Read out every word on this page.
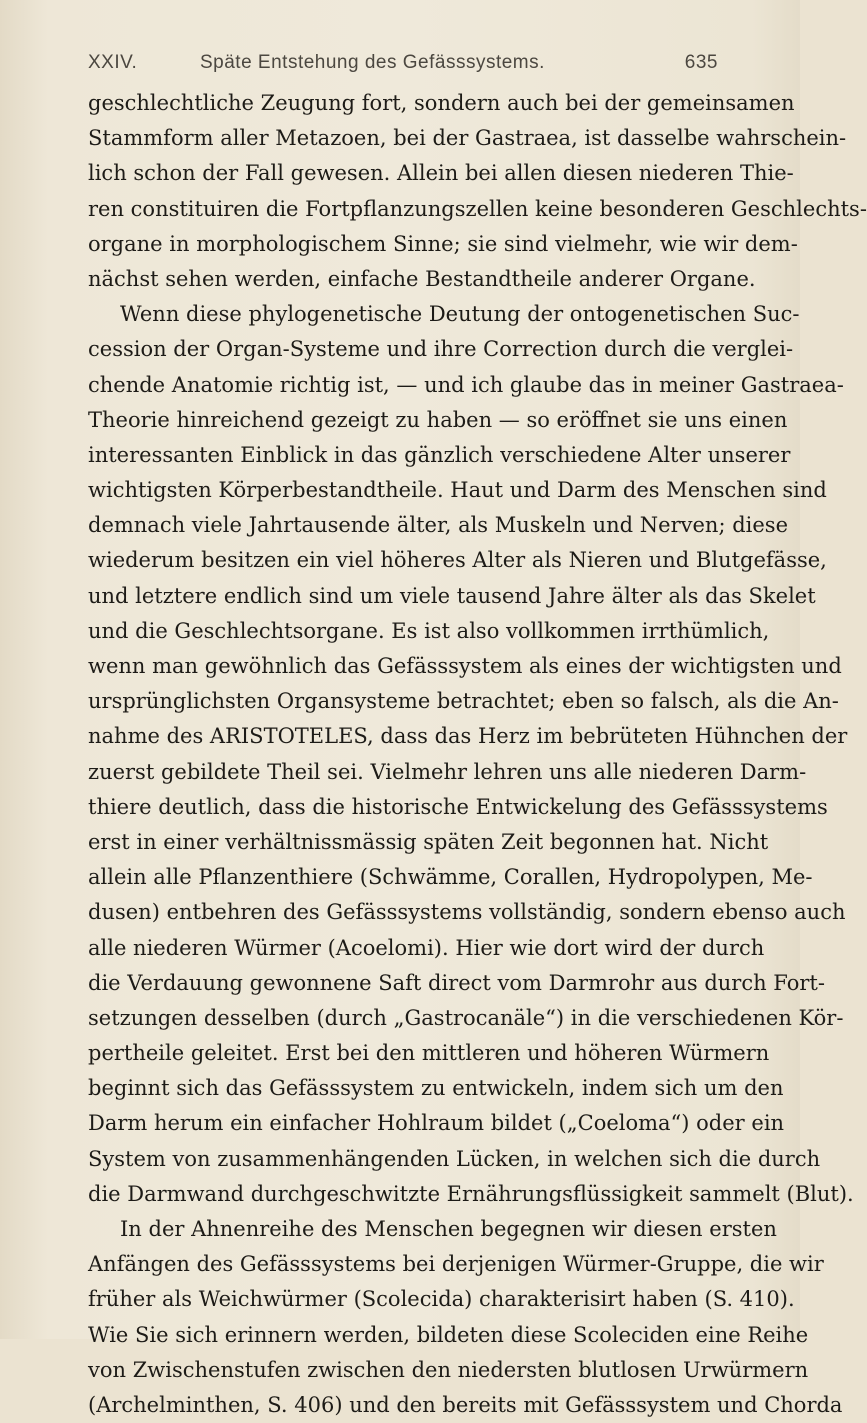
XXIV.	Späte Entstehung des Gefässsystems.	635
geschlechtliche Zeugung fort, sondern auch bei der gemeinsamen
Stammform aller Metazoen, bei der Gastraea, ist dasselbe wahrschein-
lich schon der Fall gewesen. Allein bei allen diesen niederen Thie-
ren constituiren die Fortpflanzungszellen keine besonderen Geschlechts-
organe in morphologischem Sinne; sie sind vielmehr, wie wir dem-
nächst sehen werden, einfache Bestandtheile anderer Organe.
Wenn diese phylogenetische Deutung der ontogenetischen Suc-
cession der Organ-Systeme und ihre Correction durch die verglei-
chende Anatomie richtig ist, — und ich glaube das in meiner Gastraea-
Theorie hinreichend gezeigt zu haben — so eröffnet sie uns einen
interessanten Einblick in das gänzlich verschiedene Alter unserer
wichtigsten Körperbestandtheile. Haut und Darm des Menschen sind
demnach viele Jahrtausende älter, als Muskeln und Nerven; diese
wiederum besitzen ein viel höheres Alter als Nieren und Blutgefässe,
und letztere endlich sind um viele tausend Jahre älter als das Skelet
und die Geschlechtsorgane. Es ist also vollkommen irrthümlich,
wenn man gewöhnlich das Gefässsystem als eines der wichtigsten und
ursprünglichsten Organsysteme betrachtet; eben so falsch, als die An-
nahme des ARISTOTELES, dass das Herz im bebrüteten Hühnchen der
zuerst gebildete Theil sei. Vielmehr lehren uns alle niederen Darm-
thiere deutlich, dass die historische Entwickelung des Gefässsystems
erst in einer verhältnissmässig späten Zeit begonnen hat. Nicht
allein alle Pflanzenthiere (Schwämme, Corallen, Hydropolypen, Me-
dusen) entbehren des Gefässsystems vollständig, sondern ebenso auch
alle niederen Würmer (Acoelomi). Hier wie dort wird der durch
die Verdauung gewonnene Saft direct vom Darmrohr aus durch Fort-
setzungen desselben (durch „Gastrocanäle“) in die verschiedenen Kör-
pertheile geleitet. Erst bei den mittleren und höheren Würmern
beginnt sich das Gefässsystem zu entwickeln, indem sich um den
Darm herum ein einfacher Hohlraum bildet („Coeloma“) oder ein
System von zusammenhängenden Lücken, in welchen sich die durch
die Darmwand durchgeschwitzte Ernährungsflüssigkeit sammelt (Blut).
In der Ahnenreihe des Menschen begegnen wir diesen ersten
Anfängen des Gefässsystems bei derjenigen Würmer-Gruppe, die wir
früher als Weichwürmer (Scolecida) charakterisirt haben (S. 410).
Wie Sie sich erinnern werden, bildeten diese Scoleciden eine Reihe
von Zwischenstufen zwischen den niedersten blutlosen Urwürmern
(Archelminthen, S. 406) und den bereits mit Gefässsystem und Chorda
